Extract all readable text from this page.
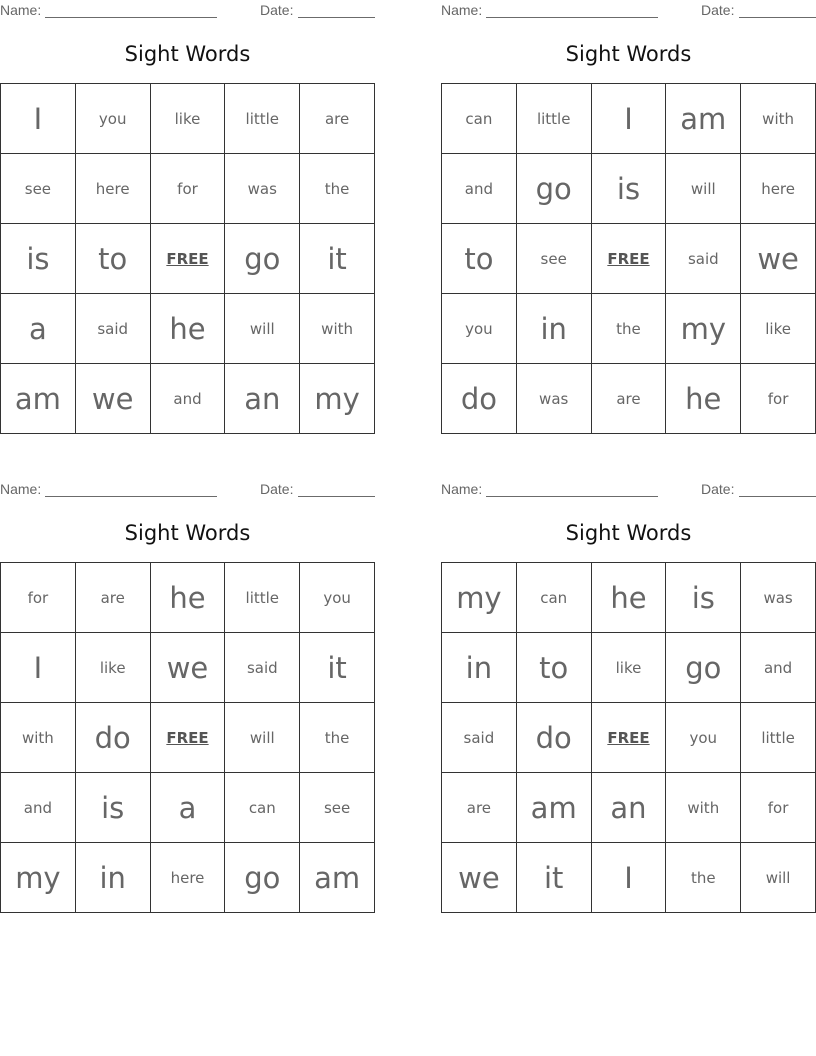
Name:	Date:
Sight Words
I	you	like	little	are
see	here	for	was	the
is	to	FREE	go	it
a	said	he	will	with
am	we	and	an	my
Name:	Date:
Sight Words
can	little	I	am	with
and	go	is	will	here
to	see	FREE	said	we
you	in	the	my	like
do	was	are	he	for
Name:	Date:
Sight Words
for	are	he	little	you
I	like	we	said	it
with	do	FREE	will	the
and	is	a	can	see
my	in	here	go	am
Name:	Date:
Sight Words
my	can	he	is	was
in	to	like	go	and
said	do	FREE	you	little
are	am	an	with	for
we	it	I	the	will
